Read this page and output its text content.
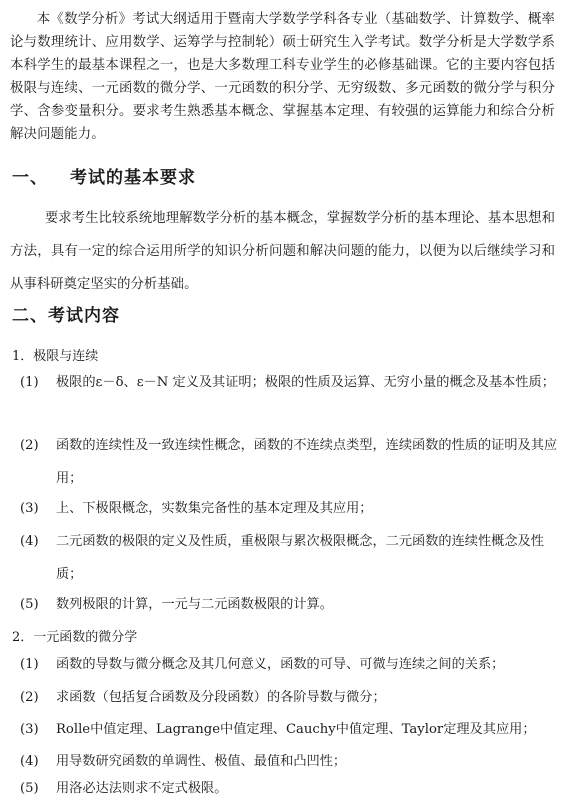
本《数学分析》考试大纲适用于暨南大学数学学科各专业（基础数学、计算数学、概率论与数理统计、应用数学、运筹学与控制轮）硕士研究生入学考试。数学分析是大学数学系本科学生的最基本课程之一，也是大多数理工科专业学生的必修基础课。它的主要内容包括极限与连续、一元函数的微分学、一元函数的积分学、无穷级数、多元函数的微分学与积分学、含参变量积分。要求考生熟悉基本概念、掌握基本定理、有较强的运算能力和综合分析解决问题能力。
一、 考试的基本要求
要求考生比较系统地理解数学分析的基本概念，掌握数学分析的基本理论、基本思想和方法，具有一定的综合运用所学的知识分析问题和解决问题的能力，以便为以后继续学习和从事科研奠定坚实的分析基础。
二、考试内容
1．极限与连续
(1) 极限的ε－δ、ε－N 定义及其证明；极限的性质及运算、无穷小量的概念及基本性质；
(2) 函数的连续性及一致连续性概念，函数的不连续点类型，连续函数的性质的证明及其应用；
(3) 上、下极限概念，实数集完备性的基本定理及其应用；
(4) 二元函数的极限的定义及性质，重极限与累次极限概念，二元函数的连续性概念及性质；
(5) 数列极限的计算，一元与二元函数极限的计算。
2．一元函数的微分学
(1) 函数的导数与微分概念及其几何意义，函数的可导、可微与连续之间的关系；
(2) 求函数（包括复合函数及分段函数）的各阶导数与微分；
(3) Rolle中值定理、Lagrange中值定理、Cauchy中值定理、Taylor定理及其应用；
(4) 用导数研究函数的单调性、极值、最值和凸凹性；
(5) 用洛必达法则求不定式极限。
